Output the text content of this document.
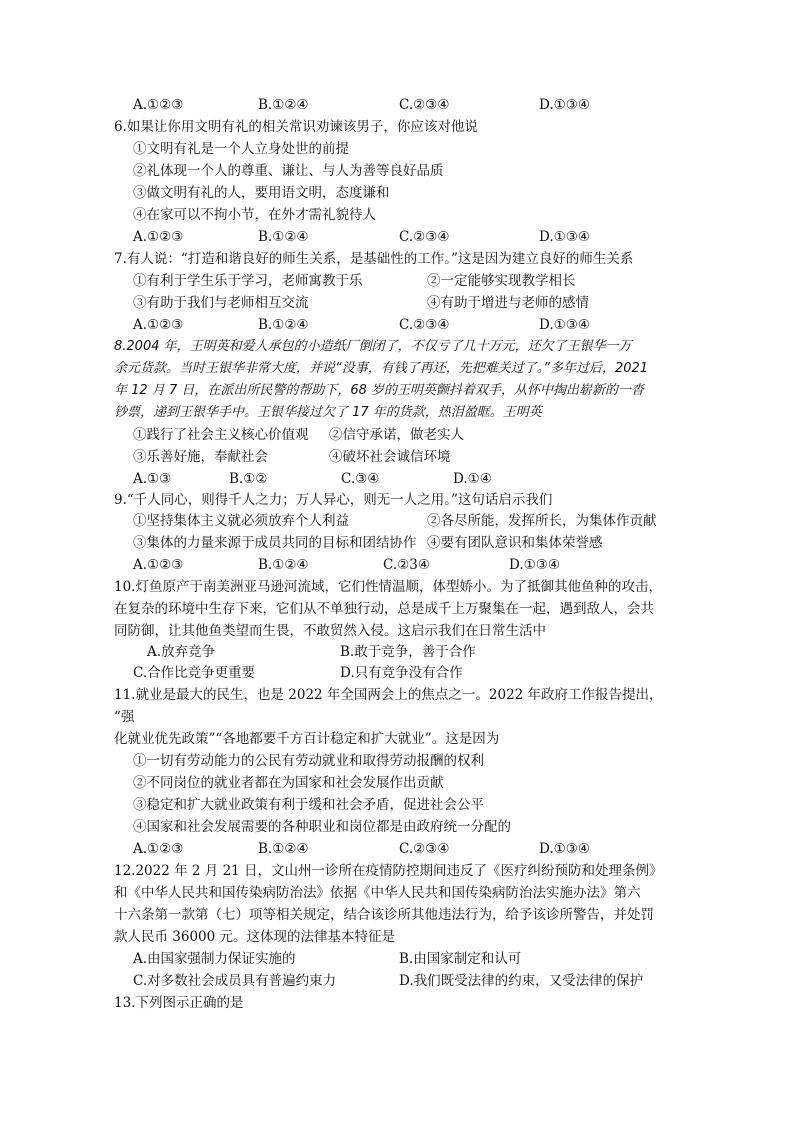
A.①②③	B.①②④	C.②③④	D.①③④
6.如果让你用文明有礼的相关常识劝谏该男子，你应该对他说
①文明有礼是一个人立身处世的前提
②礼体现一个人的尊重、谦让、与人为善等良好品质
③做文明有礼的人，要用语文明，态度谦和
④在家可以不拘小节，在外才需礼貌待人
A.①②③	B.①②④	C.②③④	D.①③④
7.有人说：“打造和谐良好的师生关系，是基础性的工作。”这是因为建立良好的师生关系
①有利于学生乐于学习，老师寓教于乐	②一定能够实现教学相长
③有助于我们与老师相互交流	④有助于增进与老师的感情
A.①②③	B.①②④	C.②③④	D.①③④
8.2004 年，王明英和爱人承包的小造纸厂倒闭了，不仅亏了几十万元，还欠了王银华一万
余元货款。当时王银华非常大度，并说“没事，有钱了再还，先把难关过了。”多年过后，2021
年 12 月 7 日，在派出所民警的帮助下，68 岁的王明英颤抖着双手，从怀中掏出崭新的一沓
钞票，递到王银华手中。王银华接过欠了 17 年的货款，热泪盈眶。王明英
①践行了社会主义核心价值观 ②信守承诺，做老实人
③乐善好施，奉献社会	④破坏社会诚信环境
A.①③	B.①②	C.③④	D.①④
9.“千人同心，则得千人之力；万人异心，则无一人之用。”这句话启示我们
①坚持集体主义就必须放弃个人利益	②各尽所能，发挥所长，为集体作贡献
③集体的力量来源于成员共同的目标和团结协作 ④要有团队意识和集体荣誉感
A.①②③	B.①②④	C.②3④	D.①③④
10.灯鱼原产于南美洲亚马逊河流域，它们性情温顺，体型娇小。为了抵御其他鱼种的攻击，
在复杂的环境中生存下来，它们从不单独行动，总是成千上万聚集在一起，遇到敌人，会共
同防御，让其他鱼类望而生畏，不敢贸然入侵。这启示我们在日常生活中
A.放弃竞争	B.敢于竞争，善于合作
C.合作比竞争更重要	D.只有竞争没有合作
11.就业是最大的民生，也是 2022 年全国两会上的焦点之一。2022 年政府工作报告提出，
“强
化就业优先政策”“各地都要千方百计稳定和扩大就业”。这是因为
①一切有劳动能力的公民有劳动就业和取得劳动报酬的权利
②不同岗位的就业者都在为国家和社会发展作出贡献
③稳定和扩大就业政策有利于缓和社会矛盾，促进社会公平
④国家和社会发展需要的各种职业和岗位都是由政府统一分配的
A.①②③	B.①②④	C.②③④	D.①③④
12.2022 年 2 月 21 日，文山州一诊所在疫情防控期间违反了《医疗纠纷预防和处理条例》
和《中华人民共和国传染病防治法》依据《中华人民共和国传染病防治法实施办法》第六
十六条第一款第（七）项等相关规定，结合该诊所其他违法行为，给予该诊所警告，并处罚
款人民币 36000 元。这体现的法律基本特征是
A.由国家强制力保证实施的	B.由国家制定和认可
C.对多数社会成员具有普遍约束力	D.我们既受法律的约束，又受法律的保护
13.下列图示正确的是
